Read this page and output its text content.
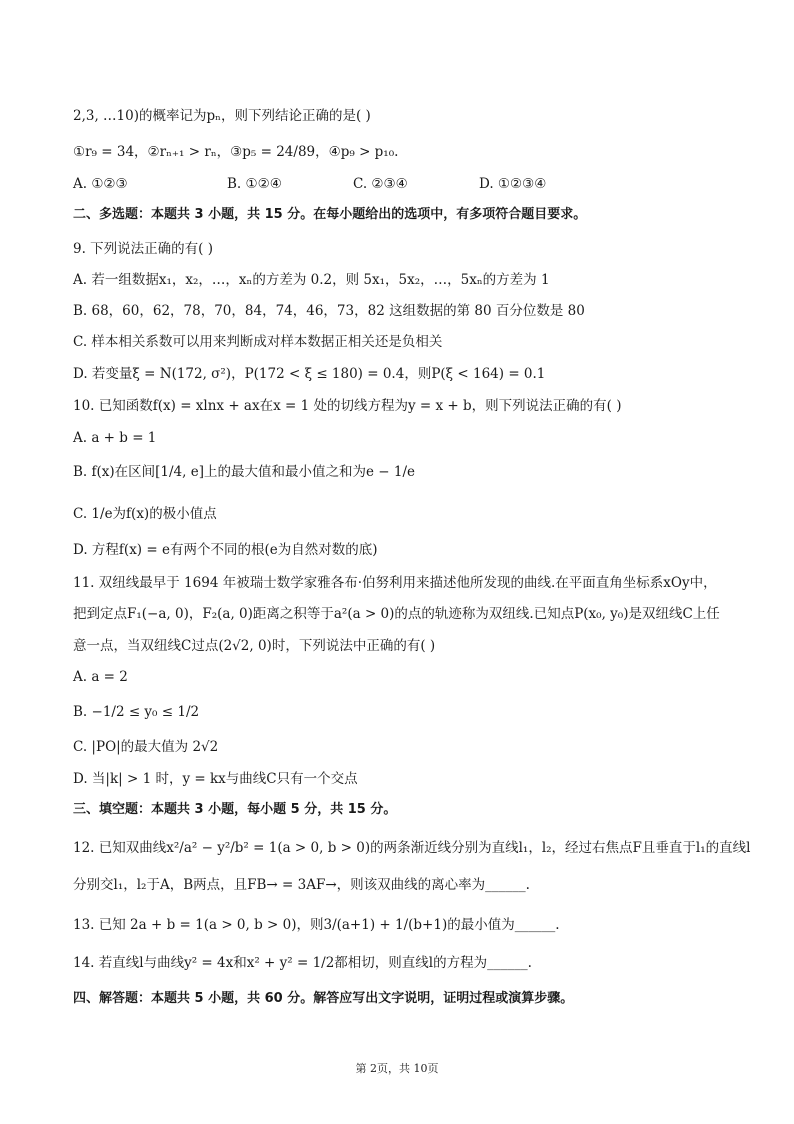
2,3, …10)的概率记为pₙ，则下列结论正确的是( )
①r₉ = 34，②rₙ₊₁ > rₙ，③p₅ = 24/89，④p₉ > p₁₀.
A. ①②③	B. ①②④	C. ②③④	D. ①②③④
二、多选题：本题共 3 小题，共 15 分。在每小题给出的选项中，有多项符合题目要求。
9. 下列说法正确的有( )
A. 若一组数据x₁，x₂，…，xₙ的方差为 0.2，则 5x₁，5x₂，…，5xₙ的方差为 1
B. 68，60，62，78，70，84，74，46，73，82 这组数据的第 80 百分位数是 80
C. 样本相关系数可以用来判断成对样本数据正相关还是负相关
D. 若变量ξ = N(172, σ²)，P(172 < ξ ≤ 180) = 0.4，则P(ξ < 164) = 0.1
10. 已知函数f(x) = xlnx + ax在x = 1 处的切线方程为y = x + b，则下列说法正确的有( )
A. a + b = 1
B. f(x)在区间[1/4, e]上的最大值和最小值之和为e − 1/e
C. 1/e为f(x)的极小值点
D. 方程f(x) = e有两个不同的根(e为自然对数的底)
11. 双纽线最早于 1694 年被瑞士数学家雅各布·伯努利用来描述他所发现的曲线.在平面直角坐标系xOy中，
把到定点F₁(−a, 0)，F₂(a, 0)距离之积等于a²(a > 0)的点的轨迹称为双纽线.已知点P(x₀, y₀)是双纽线C上任
意一点，当双纽线C过点(2√2, 0)时，下列说法中正确的有( )
A. a = 2
B. −1/2 ≤ y₀ ≤ 1/2
C. |PO|的最大值为 2√2
D. 当|k| > 1 时，y = kx与曲线C只有一个交点
三、填空题：本题共 3 小题，每小题 5 分，共 15 分。
12. 已知双曲线x²/a² − y²/b² = 1(a > 0, b > 0)的两条渐近线分别为直线l₁，l₂，经过右焦点F且垂直于l₁的直线l
分别交l₁，l₂于A，B两点，且FB→ = 3AF→，则该双曲线的离心率为______.
13. 已知 2a + b = 1(a > 0, b > 0)，则3/(a+1) + 1/(b+1)的最小值为______.
14. 若直线l与曲线y² = 4x和x² + y² = 1/2都相切，则直线l的方程为______.
四、解答题：本题共 5 小题，共 60 分。解答应写出文字说明，证明过程或演算步骤。
第 2页，共 10页
